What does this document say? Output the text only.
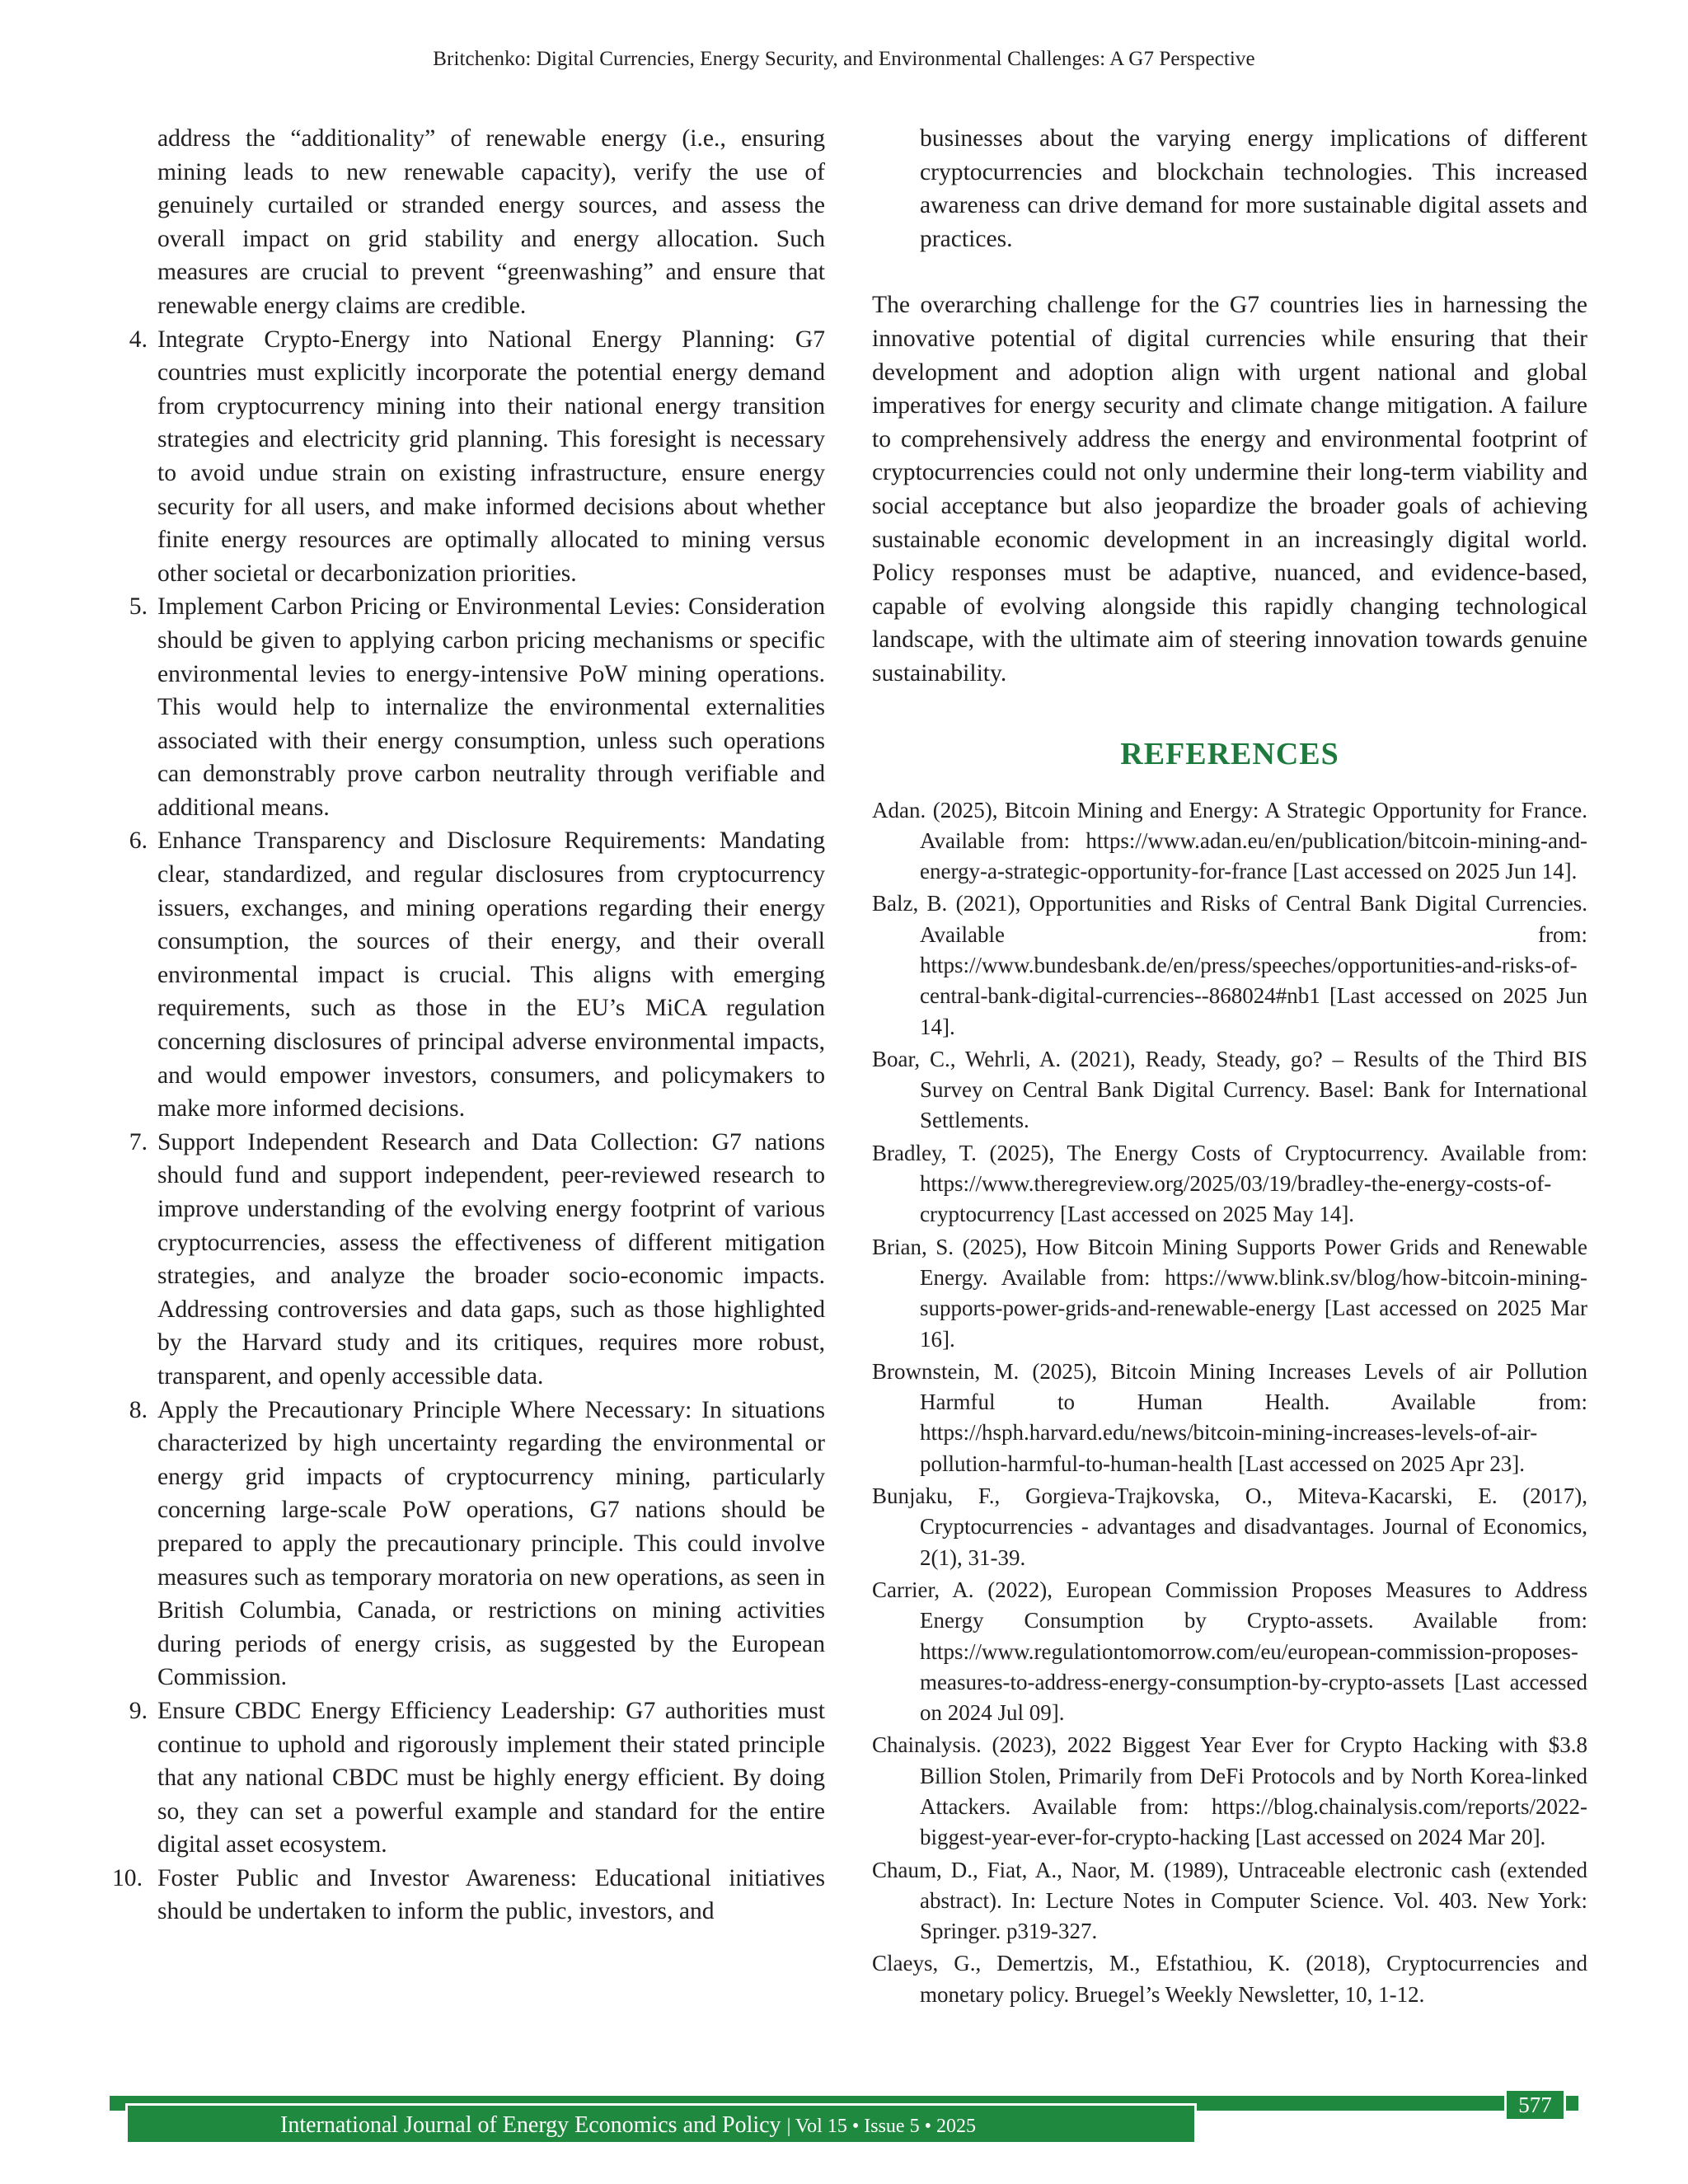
Britchenko: Digital Currencies, Energy Security, and Environmental Challenges: A G7 Perspective
address the “additionality” of renewable energy (i.e., ensuring mining leads to new renewable capacity), verify the use of genuinely curtailed or stranded energy sources, and assess the overall impact on grid stability and energy allocation. Such measures are crucial to prevent “greenwashing” and ensure that renewable energy claims are credible.
4. Integrate Crypto-Energy into National Energy Planning: G7 countries must explicitly incorporate the potential energy demand from cryptocurrency mining into their national energy transition strategies and electricity grid planning. This foresight is necessary to avoid undue strain on existing infrastructure, ensure energy security for all users, and make informed decisions about whether finite energy resources are optimally allocated to mining versus other societal or decarbonization priorities.
5. Implement Carbon Pricing or Environmental Levies: Consideration should be given to applying carbon pricing mechanisms or specific environmental levies to energy-intensive PoW mining operations. This would help to internalize the environmental externalities associated with their energy consumption, unless such operations can demonstrably prove carbon neutrality through verifiable and additional means.
6. Enhance Transparency and Disclosure Requirements: Mandating clear, standardized, and regular disclosures from cryptocurrency issuers, exchanges, and mining operations regarding their energy consumption, the sources of their energy, and their overall environmental impact is crucial. This aligns with emerging requirements, such as those in the EU’s MiCA regulation concerning disclosures of principal adverse environmental impacts, and would empower investors, consumers, and policymakers to make more informed decisions.
7. Support Independent Research and Data Collection: G7 nations should fund and support independent, peer-reviewed research to improve understanding of the evolving energy footprint of various cryptocurrencies, assess the effectiveness of different mitigation strategies, and analyze the broader socio-economic impacts. Addressing controversies and data gaps, such as those highlighted by the Harvard study and its critiques, requires more robust, transparent, and openly accessible data.
8. Apply the Precautionary Principle Where Necessary: In situations characterized by high uncertainty regarding the environmental or energy grid impacts of cryptocurrency mining, particularly concerning large-scale PoW operations, G7 nations should be prepared to apply the precautionary principle. This could involve measures such as temporary moratoria on new operations, as seen in British Columbia, Canada, or restrictions on mining activities during periods of energy crisis, as suggested by the European Commission.
9. Ensure CBDC Energy Efficiency Leadership: G7 authorities must continue to uphold and rigorously implement their stated principle that any national CBDC must be highly energy efficient. By doing so, they can set a powerful example and standard for the entire digital asset ecosystem.
10. Foster Public and Investor Awareness: Educational initiatives should be undertaken to inform the public, investors, and
businesses about the varying energy implications of different cryptocurrencies and blockchain technologies. This increased awareness can drive demand for more sustainable digital assets and practices.
The overarching challenge for the G7 countries lies in harnessing the innovative potential of digital currencies while ensuring that their development and adoption align with urgent national and global imperatives for energy security and climate change mitigation. A failure to comprehensively address the energy and environmental footprint of cryptocurrencies could not only undermine their long-term viability and social acceptance but also jeopardize the broader goals of achieving sustainable economic development in an increasingly digital world. Policy responses must be adaptive, nuanced, and evidence-based, capable of evolving alongside this rapidly changing technological landscape, with the ultimate aim of steering innovation towards genuine sustainability.
REFERENCES
Adan. (2025), Bitcoin Mining and Energy: A Strategic Opportunity for France. Available from: https://www.adan.eu/en/publication/bitcoin-mining-and-energy-a-strategic-opportunity-for-france [Last accessed on 2025 Jun 14].
Balz, B. (2021), Opportunities and Risks of Central Bank Digital Currencies. Available from: https://www.bundesbank.de/en/press/speeches/opportunities-and-risks-of-central-bank-digital-currencies--868024#nb1 [Last accessed on 2025 Jun 14].
Boar, C., Wehrli, A. (2021), Ready, Steady, go? – Results of the Third BIS Survey on Central Bank Digital Currency. Basel: Bank for International Settlements.
Bradley, T. (2025), The Energy Costs of Cryptocurrency. Available from: https://www.theregreview.org/2025/03/19/bradley-the-energy-costs-of-cryptocurrency [Last accessed on 2025 May 14].
Brian, S. (2025), How Bitcoin Mining Supports Power Grids and Renewable Energy. Available from: https://www.blink.sv/blog/how-bitcoin-mining-supports-power-grids-and-renewable-energy [Last accessed on 2025 Mar 16].
Brownstein, M. (2025), Bitcoin Mining Increases Levels of air Pollution Harmful to Human Health. Available from: https://hsph.harvard.edu/news/bitcoin-mining-increases-levels-of-air-pollution-harmful-to-human-health [Last accessed on 2025 Apr 23].
Bunjaku, F., Gorgieva-Trajkovska, O., Miteva-Kacarski, E. (2017), Cryptocurrencies - advantages and disadvantages. Journal of Economics, 2(1), 31-39.
Carrier, A. (2022), European Commission Proposes Measures to Address Energy Consumption by Crypto-assets. Available from: https://www.regulationtomorrow.com/eu/european-commission-proposes-measures-to-address-energy-consumption-by-crypto-assets [Last accessed on 2024 Jul 09].
Chainalysis. (2023), 2022 Biggest Year Ever for Crypto Hacking with $3.8 Billion Stolen, Primarily from DeFi Protocols and by North Korea-linked Attackers. Available from: https://blog.chainalysis.com/reports/2022-biggest-year-ever-for-crypto-hacking [Last accessed on 2024 Mar 20].
Chaum, D., Fiat, A., Naor, M. (1989), Untraceable electronic cash (extended abstract). In: Lecture Notes in Computer Science. Vol. 403. New York: Springer. p319-327.
Claeys, G., Demertzis, M., Efstathiou, K. (2018), Cryptocurrencies and monetary policy. Bruegel’s Weekly Newsletter, 10, 1-12.
International Journal of Energy Economics and Policy | Vol 15 • Issue 5 • 2025
577
